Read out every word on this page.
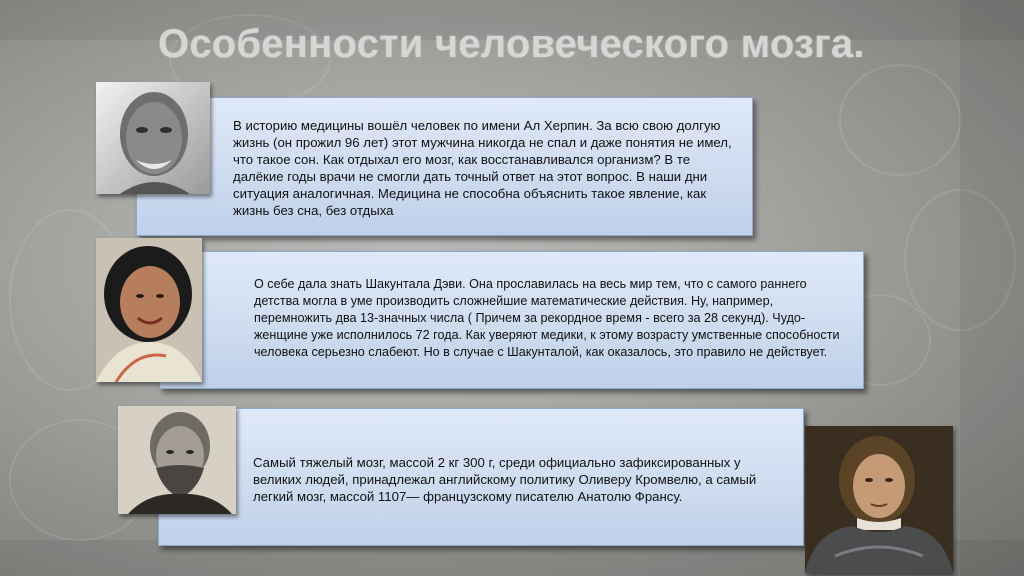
Особенности человеческого мозга.

В историю медицины вошёл человек по имени Ал Херпин. За всю свою долгую жизнь (он прожил 96 лет) этот мужчина никогда не спал и даже понятия не имел, что такое сон. Как отдыхал его мозг, как восстанавливался организм? В те далёкие годы врачи не смогли дать точный ответ на этот вопрос. В наши дни ситуация аналогичная. Медицина не способна объяснить такое явление, как жизнь без сна, без отдыха

О себе дала знать Шакунтала Дэви. Она прославилась на весь мир тем, что с самого раннего детства могла в уме производить сложнейшие математические действия. Ну, например, перемножить два 13-значных числа ( Причем за рекордное время - всего за 28 секунд). Чудо-женщине уже исполнилось 72 года. Как уверяют медики, к этому возрасту умственные способности человека серьезно слабеют. Но в случае с Шакунталой, как оказалось, это правило не действует.

Самый тяжелый мозг, массой 2 кг 300 г, среди официально зафиксированных у великих людей, принадлежал английскому политику Оливеру Кромвелю, а самый легкий мозг, массой 1107— французскому писателю Анатолю Франсу.
